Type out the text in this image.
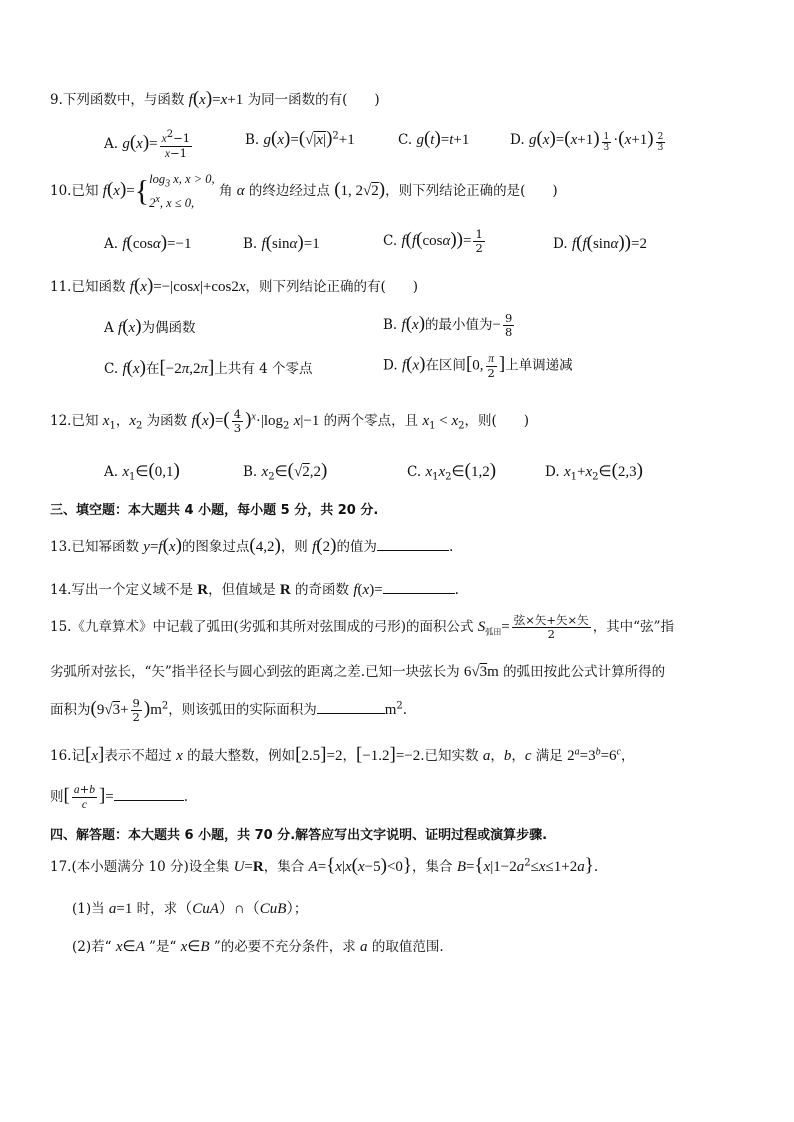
9.下列函数中，与函数 f(x)=x+1 为同一函数的有(　　)
A. $g(x)= \frac{x2-1}{x-1}$	B. $g(x)=(√|x|)^2+1$	C. g(t)=t+1	D. $g(x)=(x+1) \frac{1}{3} \cdot(x+1) \frac{2}{3}$
10.已知 f(x)={ $\log_3 x$, x > 0,
2$^x$, x ≤ 0,
角 α 的终边经过点 (1, 2√2)，则下列结论正确的是(　　)
A. f(cosα)=−1	B. f(sinα)=1	C. $f(f(\cos\alpha))= \frac{1}{2}$	D. f(f(sinα))=2
11.已知函数 f(x)=−|cosx|+cos2x，则下列结论正确的有(　　)
A f(x)为偶函数	B. f(x)的最小值为− $\frac{9}{8}$
C. f(x)在[−2π,2π]上共有 4 个零点	D. f(x)在区间[0, $\frac{\pi}{2}$ ]上单调递减
12.已知 $x_1$，$x_2$ 为函数 $f(x)=( \frac{4}{3} )^x\cdot|\log_2$ x|−1 的两个零点，且 $x_1 < x_2$，则(　　)
A. $x_1\in(0,1)$	B. $x_2\in(√2,2)$	C. $x_1x_2\in(1,2)$	D. $x_1+x_2\in(2,3)$
三、填空题：本大题共 4 小题，每小题 5 分，共 20 分.
13.已知幂函数 y=f(x)的图象过点(4,2)，则 f(2)的值为	.
14.写出一个定义域不是 R，但值域是 R 的奇函数 f(x)=	.
15.《九章算术》中记载了弧田(劣弧和其所对弦围成的弓形)的面积公式 $S_{弧田}= \frac{\text{弦×矢+矢×矢}}{2}$ ，其中“弦”指
劣弧所对弦长，“矢”指半径长与圆心到弦的距离之差.已知一块弦长为 6√3m 的弧田按此公式计算所得的
面积为$(9√3+ \frac{9}{2} )m^2$，则该弧田的实际面积为	$m^2$.
16.记[x]表示不超过 x 的最大整数，例如[2.5]=2，[−1.2]=−2.已知实数 a，b，c 满足 $2^a=3^b=6^c$，
则[ $\frac{a+b}{c}$ ]=	.
四、解答题：本大题共 6 小题，共 70 分.解答应写出文字说明、证明过程或演算步骤.
17.(本小题满分 10 分)设全集 U=R，集合 A={x|x(x−5)<0}，集合 $B=\{x|1-2a^2\le x\le 1+2a\}$.
(1)当 a=1 时，求（CuA）∩（CuB）；
(2)若“ x∈A ”是“ x∈B ”的必要不充分条件，求 a 的取值范围.
